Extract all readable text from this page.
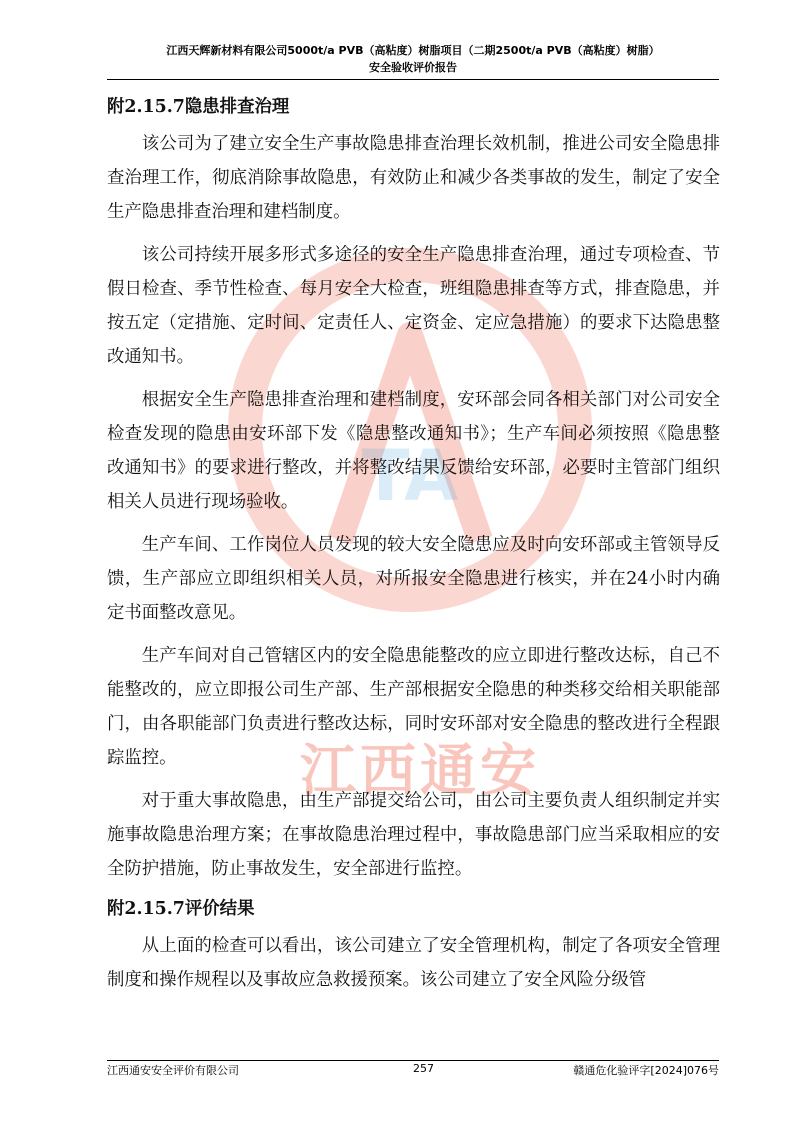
江西天辉新材料有限公司5000t/a PVB（高粘度）树脂项目（二期2500t/a PVB（高粘度）树脂）
安全验收评价报告
TA
江西通安
附2.15.7隐患排查治理

该公司为了建立安全生产事故隐患排查治理长效机制，推进公司安全隐患排查治理工作，彻底消除事故隐患，有效防止和减少各类事故的发生，制定了安全生产隐患排查治理和建档制度。

该公司持续开展多形式多途径的安全生产隐患排查治理，通过专项检查、节假日检查、季节性检查、每月安全大检查，班组隐患排查等方式，排查隐患，并按五定（定措施、定时间、定责任人、定资金、定应急措施）的要求下达隐患整改通知书。

根据安全生产隐患排查治理和建档制度，安环部会同各相关部门对公司安全检查发现的隐患由安环部下发《隐患整改通知书》；生产车间必须按照《隐患整改通知书》的要求进行整改，并将整改结果反馈给安环部，必要时主管部门组织相关人员进行现场验收。

生产车间、工作岗位人员发现的较大安全隐患应及时向安环部或主管领导反馈，生产部应立即组织相关人员，对所报安全隐患进行核实，并在24小时内确定书面整改意见。

生产车间对自己管辖区内的安全隐患能整改的应立即进行整改达标，自己不能整改的，应立即报公司生产部、生产部根据安全隐患的种类移交给相关职能部门，由各职能部门负责进行整改达标，同时安环部对安全隐患的整改进行全程跟踪监控。

对于重大事故隐患，由生产部提交给公司，由公司主要负责人组织制定并实施事故隐患治理方案；在事故隐患治理过程中，事故隐患部门应当采取相应的安全防护措施，防止事故发生，安全部进行监控。

附2.15.7评价结果

从上面的检查可以看出，该公司建立了安全管理机构，制定了各项安全管理制度和操作规程以及事故应急救援预案。该公司建立了安全风险分级管

江西通安安全评价有限公司	257	赣通危化验评字[2024]076号
